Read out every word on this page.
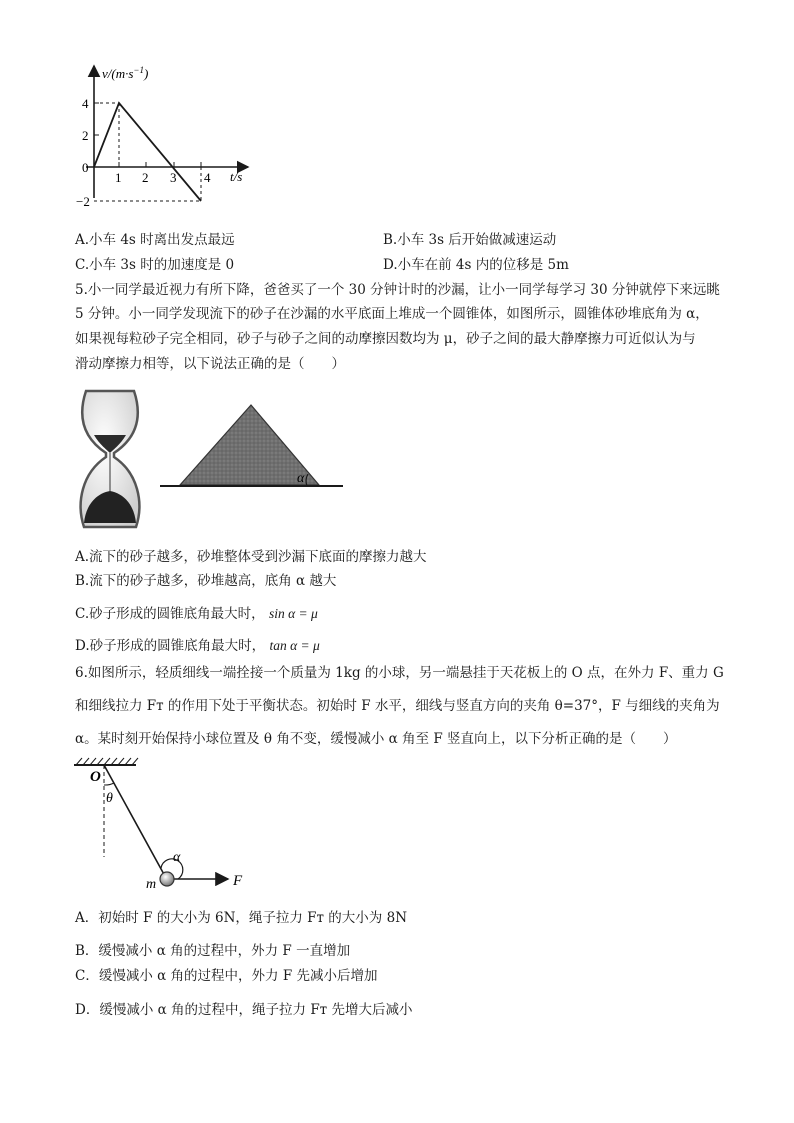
$v/(m\cdot s^{-1})$
t/s
4
2
0
−2
1 2 3 4
A.小车 4s 时离出发点最远	B.小车 3s 后开始做减速运动
C.小车 3s 时的加速度是 0	D.小车在前 4s 内的位移是 5m
5.小一同学最近视力有所下降，爸爸买了一个 30 分钟计时的沙漏，让小一同学每学习 30 分钟就停下来远眺
5 分钟。小一同学发现流下的砂子在沙漏的水平底面上堆成一个圆锥体，如图所示，圆锥体砂堆底角为 α，
如果视每粒砂子完全相同，砂子与砂子之间的动摩擦因数均为 μ，砂子之间的最大静摩擦力可近似认为与
滑动摩擦力相等，以下说法正确的是（　　）
α
A.流下的砂子越多，砂堆整体受到沙漏下底面的摩擦力越大
B.流下的砂子越多，砂堆越高，底角 α 越大
C.砂子形成的圆锥底角最大时， sin α = μ
D.砂子形成的圆锥底角最大时， tan α = μ
6.如图所示，轻质细线一端拴接一个质量为 1kg 的小球，另一端悬挂于天花板上的 O 点，在外力 F、重力 G
和细线拉力 Fᴛ 的作用下处于平衡状态。初始时 F 水平，细线与竖直方向的夹角 θ=37°，F 与细线的夹角为
α。某时刻开始保持小球位置及 θ 角不变，缓慢减小 α 角至 F 竖直向上，以下分析正确的是（　　）
O
θ
α
m	F
A．初始时 F 的大小为 6N，绳子拉力 Fᴛ 的大小为 8N
B．缓慢减小 α 角的过程中，外力 F 一直增加
C．缓慢减小 α 角的过程中，外力 F 先减小后增加
D．缓慢减小 α 角的过程中，绳子拉力 Fᴛ 先增大后减小
